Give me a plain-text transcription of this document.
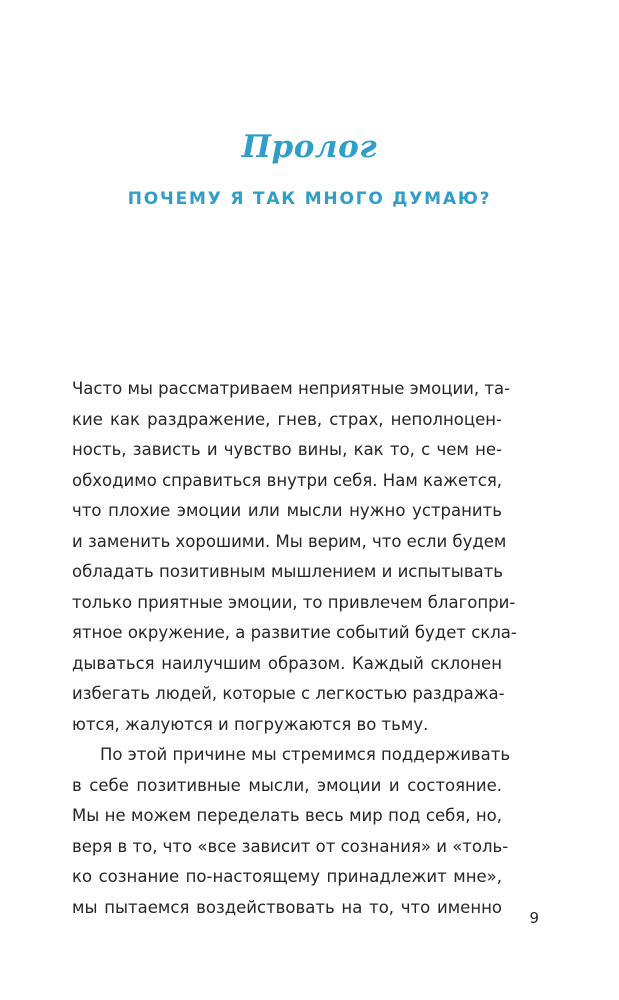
Пролог
ПОЧЕМУ Я ТАК МНОГО ДУМАЮ?
Часто мы рассматриваем неприятные эмоции, та-
кие как раздражение, гнев, страх, неполноцен-
ность, зависть и чувство вины, как то, с чем не-
обходимо справиться внутри себя. Нам кажется,
что плохие эмоции или мысли нужно устранить
и заменить хорошими. Мы верим, что если будем
обладать позитивным мышлением и испытывать
только приятные эмоции, то привлечем благопри-
ятное окружение, а развитие событий будет скла-
дываться наилучшим образом. Каждый склонен
избегать людей, которые с легкостью раздража-
ются, жалуются и погружаются во тьму.
По этой причине мы стремимся поддерживать
в себе позитивные мысли, эмоции и состояние.
Мы не можем переделать весь мир под себя, но,
веря в то, что «все зависит от сознания» и «толь-
ко сознание по-настоящему принадлежит мне»,
мы пытаемся воздействовать на то, что именно
9
